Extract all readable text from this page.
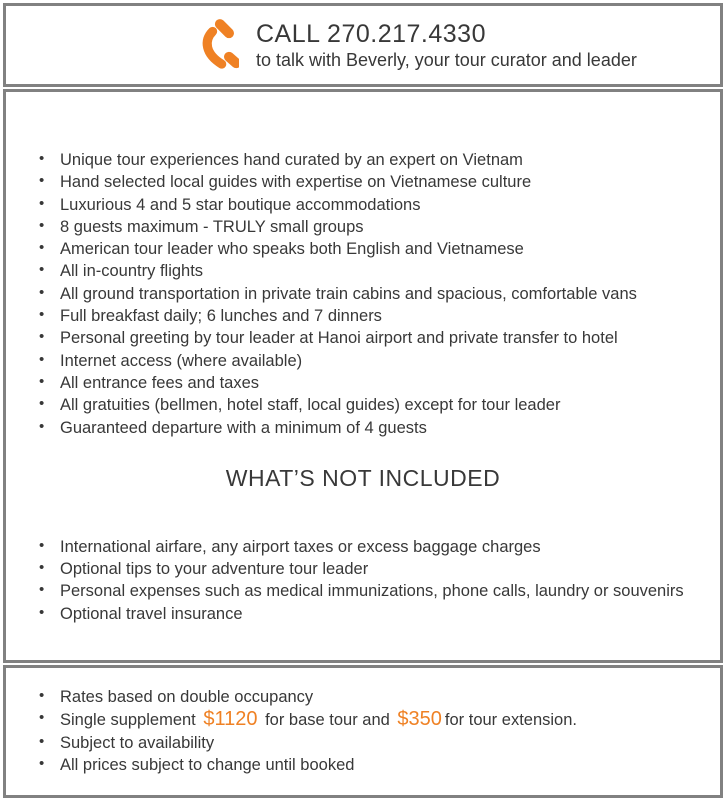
CALL 270.217.4330
to talk with Beverly, your tour curator and leader
• Unique tour experiences hand curated by an expert on Vietnam
• Hand selected local guides with expertise on Vietnamese culture
• Luxurious 4 and 5 star boutique accommodations
• 8 guests maximum - TRULY small groups
• American tour leader who speaks both English and Vietnamese
• All in-country flights
• All ground transportation in private train cabins and spacious, comfortable vans
• Full breakfast daily; 6 lunches and 7 dinners
• Personal greeting by tour leader at Hanoi airport and private transfer to hotel
• Internet access (where available)
• All entrance fees and taxes
• All gratuities (bellmen, hotel staff, local guides) except for tour leader
• Guaranteed departure with a minimum of 4 guests
WHAT’S NOT INCLUDED
• International airfare, any airport taxes or excess baggage charges
• Optional tips to your adventure tour leader
• Personal expenses such as medical immunizations, phone calls, laundry or souvenirs
• Optional travel insurance
• Rates based on double occupancy
• Single supplement $1120 for base tour and $350 for tour extension.
• Subject to availability
• All prices subject to change until booked
